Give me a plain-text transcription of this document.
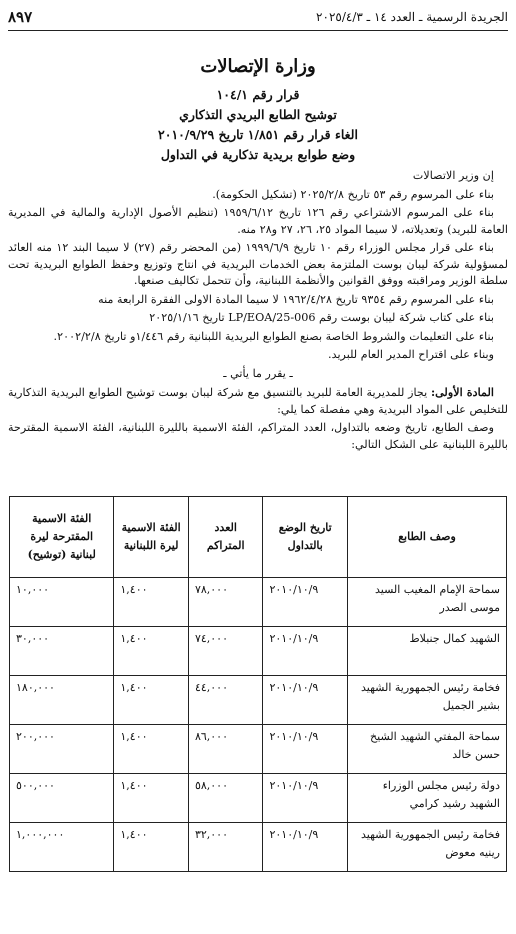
الجريدة الرسمية ـ العدد ١٤ ـ ٢٠٢٥/٤/٣
٨٩٧
وزارة الإتصالات
قرار رقم ١٠٤/١
توشيح الطابع البريدي التذكاري
الغاء قرار رقم ١/٨٥١ تاريخ ٢٠١٠/٩/٢٩
وضع طوابع بريدية تذكارية في التداول

إن وزير الاتصالات

بناء على المرسوم رقم ٥٣ تاريخ ٢٠٢٥/٢/٨ (تشكيل الحكومة).

بناء على المرسوم الاشتراعي رقم ١٢٦ تاريخ ١٩٥٩/٦/١٢ (تنظيم الأصول الإدارية والمالية في المديرية العامة للبريد) وتعديلاته، لا سيما المواد ٢٥، ٢٦، ٢٧ و٢٨ منه.

بناء على قرار مجلس الوزراء رقم ١٠ تاريخ ١٩٩٩/٦/٩ (من المحضر رقم (٢٧) لا سيما البند ١٢ منه العائد لمسؤولية شركة ليبان بوست الملتزمة بعض الخدمات البريدية في انتاج وتوزيع وحفظ الطوابع البريدية تحت سلطة الوزير ومراقبته ووفق القوانين والأنظمة اللبنانية، وأن تتحمل تكاليف صنعها.

بناء على المرسوم رقم ٩٣٥٤ تاريخ ١٩٦٢/٤/٢٨ لا سيما المادة الاولى الفقرة الرابعة منه

بناء على كتاب شركة ليبان بوست رقم LP/EOA/25-006 تاريخ ٢٠٢٥/١/١٦

بناء على التعليمات والشروط الخاصة بصنع الطوابع البريدية اللبنانية رقم ١/٤٤٦و تاريخ ٢٠٠٢/٢/٨.

وبناء على اقتراح المدير العام للبريد.

ـ يقرر ما يأتي ـ

المادة الأولى: يجاز للمديرية العامة للبريد بالتنسيق مع شركة ليبان بوست توشيح الطوابع البريدية التذكارية للتخليص على المواد البريدية وهي مفصلة كما يلي:

وصف الطابع، تاريخ وضعه بالتداول، العدد المتراكم، الفئة الاسمية بالليرة اللبنانية، الفئة الاسمية المقترحة بالليرة اللبنانية على الشكل التالي:

وصف الطابع	تاريخ الوضع بالتداول	العدد المتراكم	الفئة الاسمية ليرة اللبنانية	الفئة الاسمية المقترحة ليرة لبنانية (توشيح)
سماحة الإمام المغيب السيد موسى الصدر	٢٠١٠/١٠/٩	٧٨,٠٠٠	١,٤٠٠	١٠,٠٠٠

الشهيد كمال جنبلاط	٢٠١٠/١٠/٩	٧٤,٠٠٠	١,٤٠٠	٣٠,٠٠٠

فخامة رئيس الجمهورية الشهيد بشير الجميل	٢٠١٠/١٠/٩	٤٤,٠٠٠	١,٤٠٠	١٨٠,٠٠٠

سماحة المفتي الشهيد الشيخ حسن خالد	٢٠١٠/١٠/٩	٨٦,٠٠٠	١,٤٠٠	٢٠٠,٠٠٠

دولة رئيس مجلس الوزراء الشهيد رشيد كرامي	٢٠١٠/١٠/٩	٥٨,٠٠٠	١,٤٠٠	٥٠٠,٠٠٠

فخامة رئيس الجمهورية الشهيد رينيه معوض	٢٠١٠/١٠/٩	٣٢,٠٠٠	١,٤٠٠	١,٠٠٠,٠٠٠
